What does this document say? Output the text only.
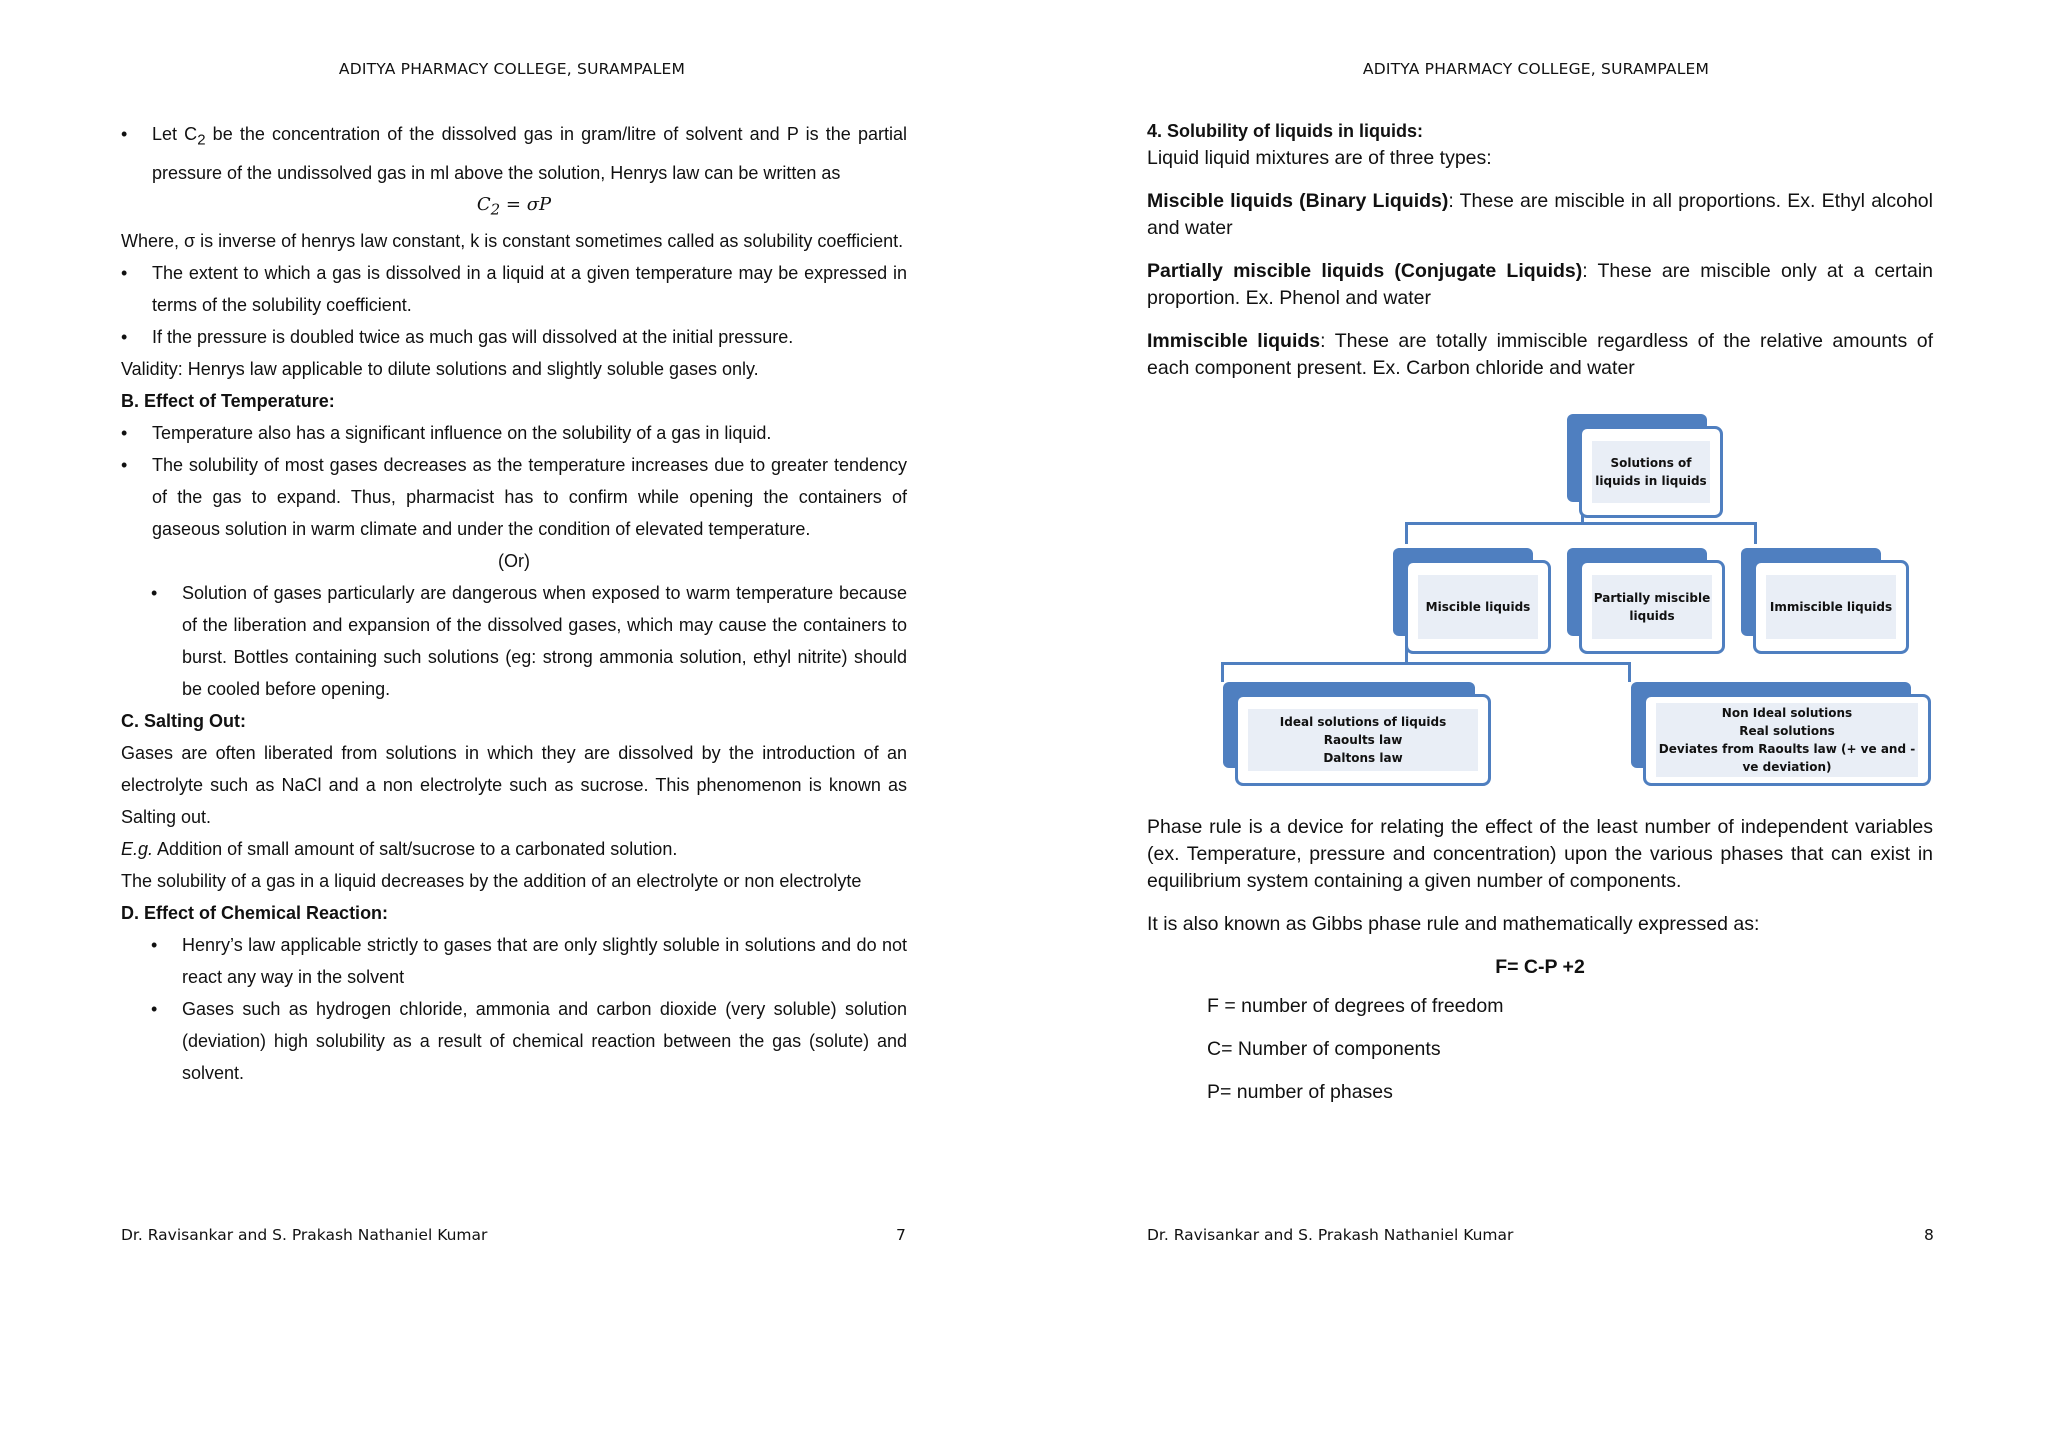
ADITYA PHARMACY COLLEGE, SURAMPALEM
• Let $C_2$ be the concentration of the dissolved gas in gram/litre of solvent and P is the partial pressure of the undissolved gas in ml above the solution, Henrys law can be written as

$C_2 = \sigma P$

Where, σ is inverse of henrys law constant, k is constant sometimes called as solubility coefficient.

• The extent to which a gas is dissolved in a liquid at a given temperature may be expressed in terms of the solubility coefficient.
• If the pressure is doubled twice as much gas will dissolved at the initial pressure.

Validity: Henrys law applicable to dilute solutions and slightly soluble gases only.

B. Effect of Temperature:

• Temperature also has a significant influence on the solubility of a gas in liquid.
• The solubility of most gases decreases as the temperature increases due to greater tendency of the gas to expand. Thus, pharmacist has to confirm while opening the containers of gaseous solution in warm climate and under the condition of elevated temperature.

(Or)

• Solution of gases particularly are dangerous when exposed to warm temperature because of the liberation and expansion of the dissolved gases, which may cause the containers to burst. Bottles containing such solutions (eg: strong ammonia solution, ethyl nitrite) should be cooled before opening.

C. Salting Out:

Gases are often liberated from solutions in which they are dissolved by the introduction of an electrolyte such as NaCl and a non electrolyte such as sucrose. This phenomenon is known as Salting out.

E.g. Addition of small amount of salt/sucrose to a carbonated solution.

The solubility of a gas in a liquid decreases by the addition of an electrolyte or non electrolyte

D. Effect of Chemical Reaction:

• Henry’s law applicable strictly to gases that are only slightly soluble in solutions and do not react any way in the solvent
• Gases such as hydrogen chloride, ammonia and carbon dioxide (very soluble) solution (deviation) high solubility as a result of chemical reaction between the gas (solute) and solvent.
Dr. Ravisankar and S. Prakash Nathaniel Kumar	7
ADITYA PHARMACY COLLEGE, SURAMPALEM

4. Solubility of liquids in liquids:

Liquid liquid mixtures are of three types:

Miscible liquids (Binary Liquids): These are miscible in all proportions. Ex. Ethyl alcohol and water

Partially miscible liquids (Conjugate Liquids): These are miscible only at a certain proportion. Ex. Phenol and water

Immiscible liquids: These are totally immiscible regardless of the relative amounts of each component present. Ex. Carbon chloride and water

Solutions of liquids in liquids
Miscible liquids
Partially miscible liquids
Immiscible liquids
Ideal solutions of liquids
Raoults law
Daltons law
Non Ideal solutions
Real solutions
Deviates from Raoults law (+ ve and -ve deviation)

Phase rule is a device for relating the effect of the least number of independent variables (ex. Temperature, pressure and concentration) upon the various phases that can exist in equilibrium system containing a given number of components.

It is also known as Gibbs phase rule and mathematically expressed as:

F= C-P +2

F = number of degrees of freedom

C= Number of components

P= number of phases

Dr. Ravisankar and S. Prakash Nathaniel Kumar	8
